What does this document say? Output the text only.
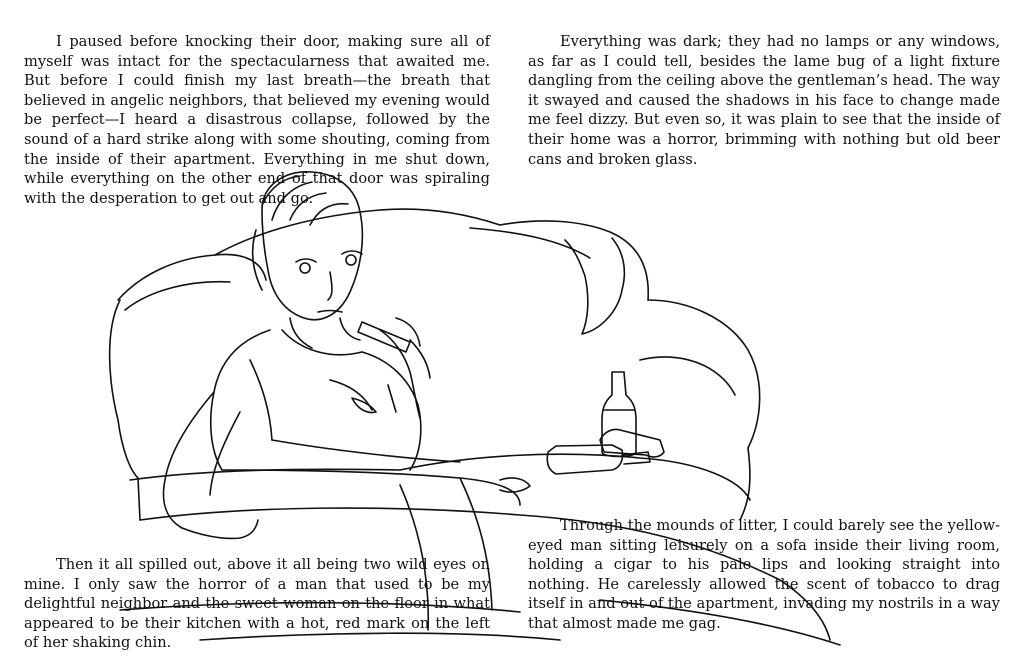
I paused before knocking their door, making sure all of myself was intact for the spectacularness that awaited me. But before I could finish my last breath—the breath that believed in angelic neighbors, that believed my evening would be perfect—I heard a disastrous collapse, followed by the sound of a hard strike along with some shouting, coming from the inside of their apartment. Everything in me shut down, while everything on the other end of that door was spiraling with the desperation to get out and go.

Everything was dark; they had no lamps or any windows, as far as I could tell, besides the lame bug of a light fixture dangling from the ceiling above the gentleman’s head. The way it swayed and caused the shadows in his face to change made me feel dizzy. But even so, it was plain to see that the inside of their home was a horror, brimming with nothing but old beer cans and broken glass.

Through the mounds of litter, I could barely see the yellow-eyed man sitting leisurely on a sofa inside their living room, holding a cigar to his pale lips and looking straight into nothing. He carelessly allowed the scent of tobacco to drag itself in and out of the apartment, invading my nostrils in a way that almost made me gag.

Then it all spilled out, above it all being two wild eyes on mine. I only saw the horror of a man that used to be my delightful neighbor and the sweet woman on the floor in what appeared to be their kitchen with a hot, red mark on the left of her shaking chin.
